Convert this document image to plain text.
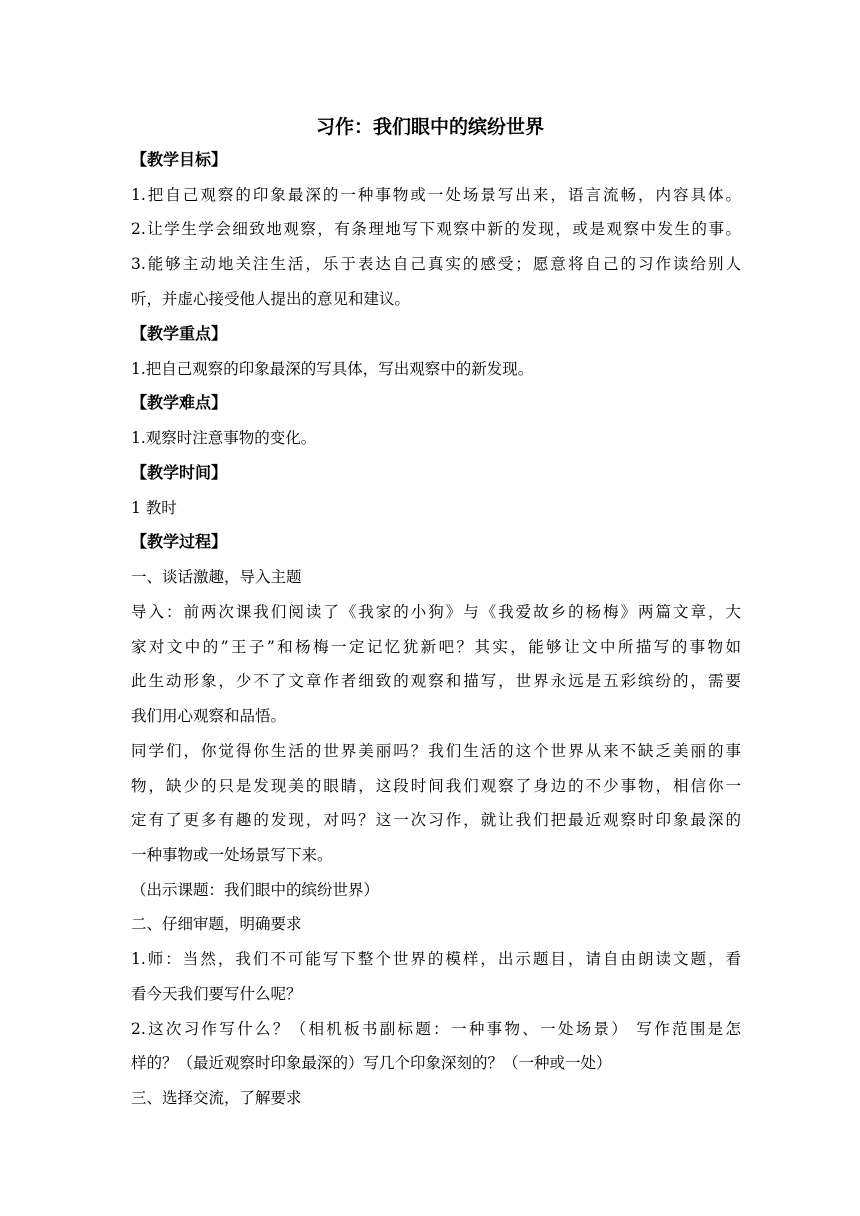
习作：我们眼中的缤纷世界
【教学目标】
1.把自己观察的印象最深的一种事物或一处场景写出来，语言流畅，内容具体。
2.让学生学会细致地观察，有条理地写下观察中新的发现，或是观察中发生的事。
3.能够主动地关注生活，乐于表达自己真实的感受；愿意将自己的习作读给别人
听，并虚心接受他人提出的意见和建议。
【教学重点】
1.把自己观察的印象最深的写具体，写出观察中的新发现。
【教学难点】
1.观察时注意事物的变化。
【教学时间】
1 教时
【教学过程】
一、谈话激趣，导入主题
导入：前两次课我们阅读了《我家的小狗》与《我爱故乡的杨梅》两篇文章，大
家对文中的”王子”和杨梅一定记忆犹新吧？其实，能够让文中所描写的事物如
此生动形象，少不了文章作者细致的观察和描写，世界永远是五彩缤纷的，需要
我们用心观察和品悟。
同学们，你觉得你生活的世界美丽吗？我们生活的这个世界从来不缺乏美丽的事
物，缺少的只是发现美的眼睛，这段时间我们观察了身边的不少事物，相信你一
定有了更多有趣的发现，对吗？这一次习作，就让我们把最近观察时印象最深的
一种事物或一处场景写下来。
（出示课题：我们眼中的缤纷世界）
二、仔细审题，明确要求
1.师：当然，我们不可能写下整个世界的模样，出示题目，请自由朗读文题，看
看今天我们要写什么呢？
2.这次习作写什么？（相机板书副标题：一种事物、一处场景） 写作范围是怎
样的？（最近观察时印象最深的）写几个印象深刻的？（一种或一处）
三、选择交流，了解要求
